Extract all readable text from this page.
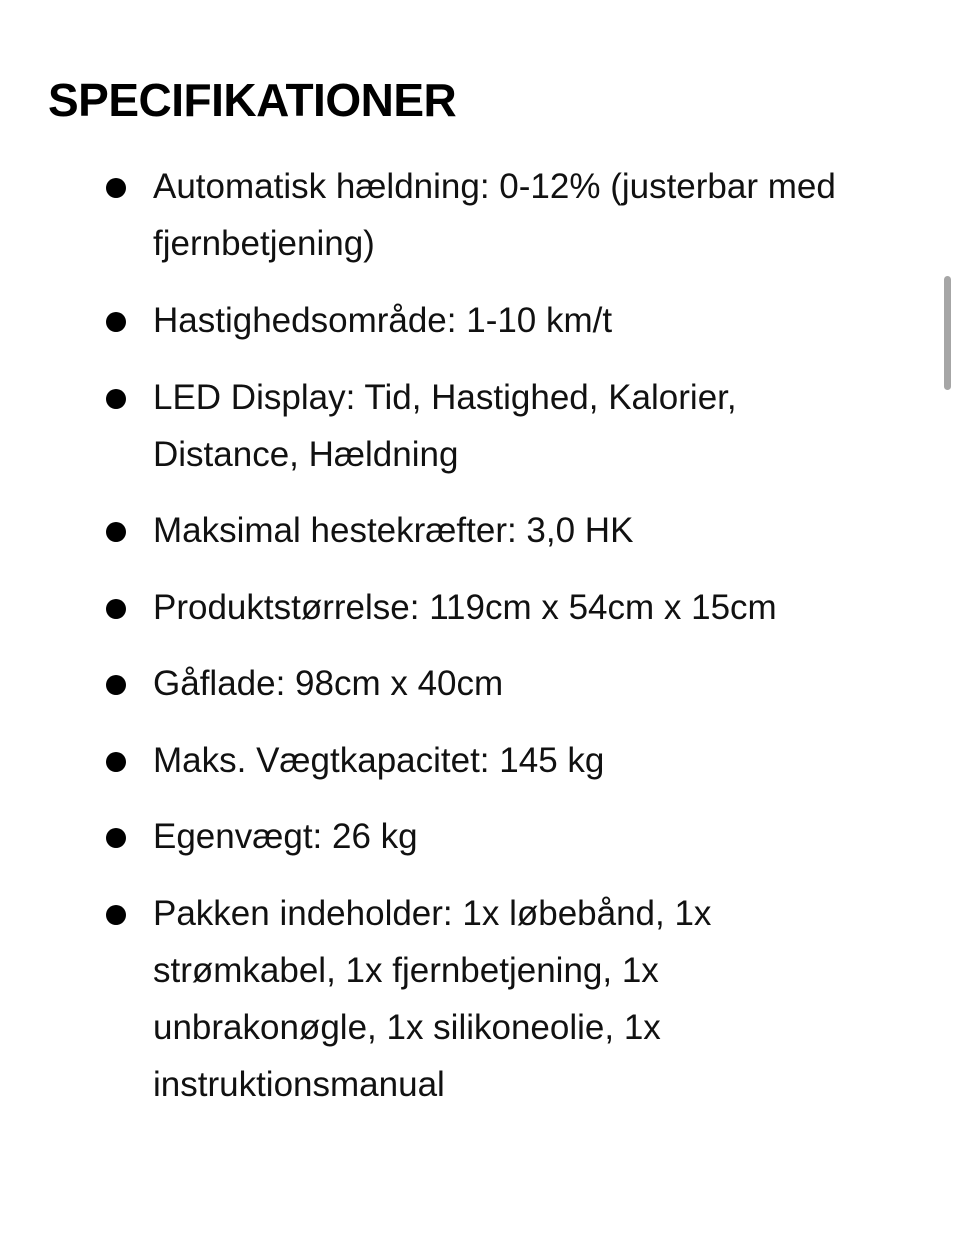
SPECIFIKATIONER

Automatisk hældning: 0-12% (justerbar med fjernbetjening)

Hastighedsområde: 1-10 km/t

LED Display: Tid, Hastighed, Kalorier, Distance, Hældning

Maksimal hestekræfter: 3,0 HK

Produktstørrelse: 119cm x 54cm x 15cm

Gåflade: 98cm x 40cm

Maks. Vægtkapacitet: 145 kg

Egenvægt: 26 kg

Pakken indeholder: 1x løbebånd, 1x strømkabel, 1x fjernbetjening, 1x unbrakonøgle, 1x silikoneolie, 1x instruktionsmanual
